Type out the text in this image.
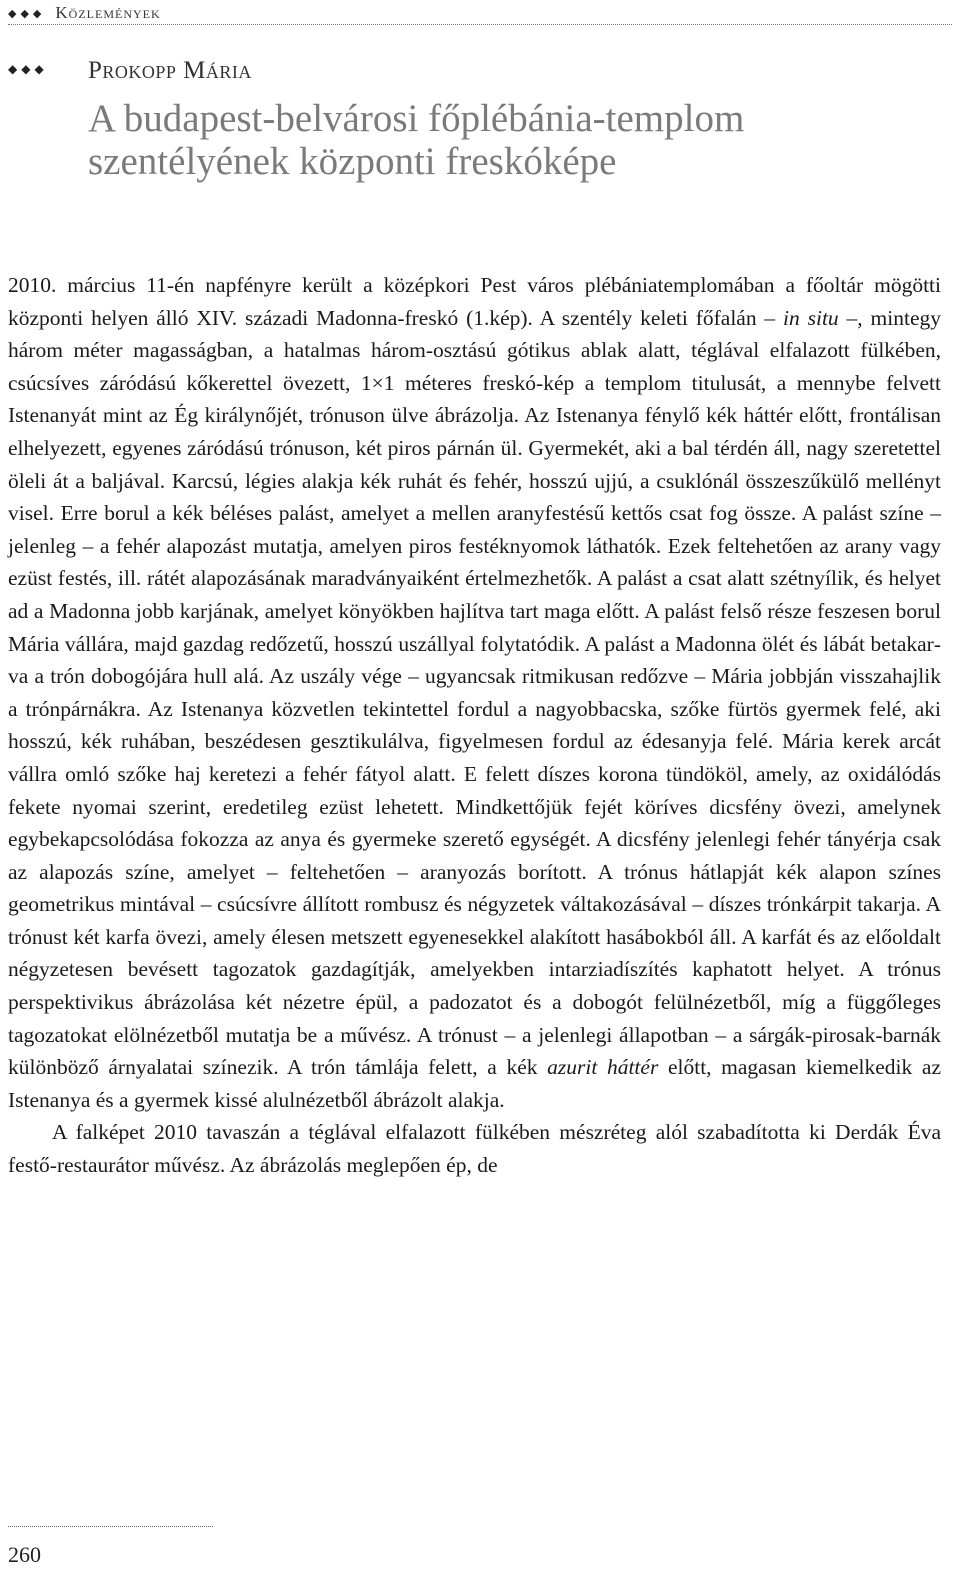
◆◆◆ Közlemények
◆◆◆ Prokopp Mária
A budapest-belvárosi főplébánia-templom
szentélyének központi freskóképe

2010. március 11-én napfényre került a középkori Pest város plébániatemplomában a főoltár mögötti központi helyen álló XIV. századi Madonna-freskó (1.kép). A szentély keleti főfalán – in situ –, mintegy három méter magasságban, a hatalmas három-osztású gótikus ablak alatt, téglával elfalazott fülkében, csúcsíves záródású kőkerettel övezett, 1×1 méteres freskó-kép a templom titulusát, a mennybe felvett Istenanyát mint az Ég királynőjét, trónuson ülve ábrázolja. Az Istenanya fénylő kék háttér előtt, frontálisan elhelyezett, egyenes záródású trónuson, két piros párnán ül. Gyermekét, aki a bal térdén áll, nagy szeretettel öleli át a baljával. Karcsú, légies alakja kék ruhát és fehér, hosszú ujjú, a csuklónál összeszűkülő mellényt visel. Erre borul a kék béléses palást, amelyet a mellen aranyfestésű kettős csat fog össze. A palást színe – jelenleg – a fehér alapozást mutatja, amelyen piros festéknyomok láthatók. Ezek feltehetően az arany vagy ezüst festés, ill. rátét alapozásának maradványaiként értelmezhetők. A palást a csat alatt szétnyílik, és helyet ad a Madonna jobb karjának, amelyet könyökben hajlítva tart maga előtt. A palást felső része feszesen borul Mária vállára, majd gazdag redőzetű, hosszú uszállyal folytatódik. A palást a Madonna ölét és lábát betakarva a trón dobogójára hull alá. Az uszály vége – ugyancsak ritmikusan redőzve – Mária jobbján visszahajlik a trónpárnákra. Az Istenanya közvetlen tekintettel fordul a nagyobbacska, szőke fürtös gyermek felé, aki hosszú, kék ruhában, beszédesen gesztikulálva, figyelmesen fordul az édesanyja felé. Mária kerek arcát vállra omló szőke haj keretezi a fehér fátyol alatt. E felett díszes korona tündököl, amely, az oxidálódás fekete nyomai szerint, eredetileg ezüst lehetett. Mindkettőjük fejét köríves dicsfény övezi, amelynek egybekapcsolódása fokozza az anya és gyermeke szerető egységét. A dicsfény jelenlegi fehér tányérja csak az alapozás színe, amelyet – feltehetően – aranyozás borított. A trónus hátlapját kék alapon színes geometrikus mintával – csúcsívre állított rombusz és négyzetek váltakozásával – díszes trónkárpit takarja. A trónust két karfa övezi, amely élesen metszett egyenesekkel alakított hasábokból áll. A karfát és az előoldalt négyzetesen bevésett tagozatok gazdagítják, amelyekben intarziadíszítés kaphatott helyet. A trónus perspektivikus ábrázolása két nézetre épül, a padozatot és a dobogót felülnézetből, míg a függőleges tagozatokat elölnézetből mutatja be a művész. A trónust – a jelenlegi állapotban – a sárgák-pirosak-barnák különböző árnyalatai színezik. A trón támlája felett, a kék azurit háttér előtt, magasan kiemelkedik az Istenanya és a gyermek kissé alulnézetből ábrázolt alakja.

A falképet 2010 tavaszán a téglával elfalazott fülkében mészréteg alól szabadította ki Derdák Éva festő-restaurátor művész. Az ábrázolás meglepően ép, de

260
